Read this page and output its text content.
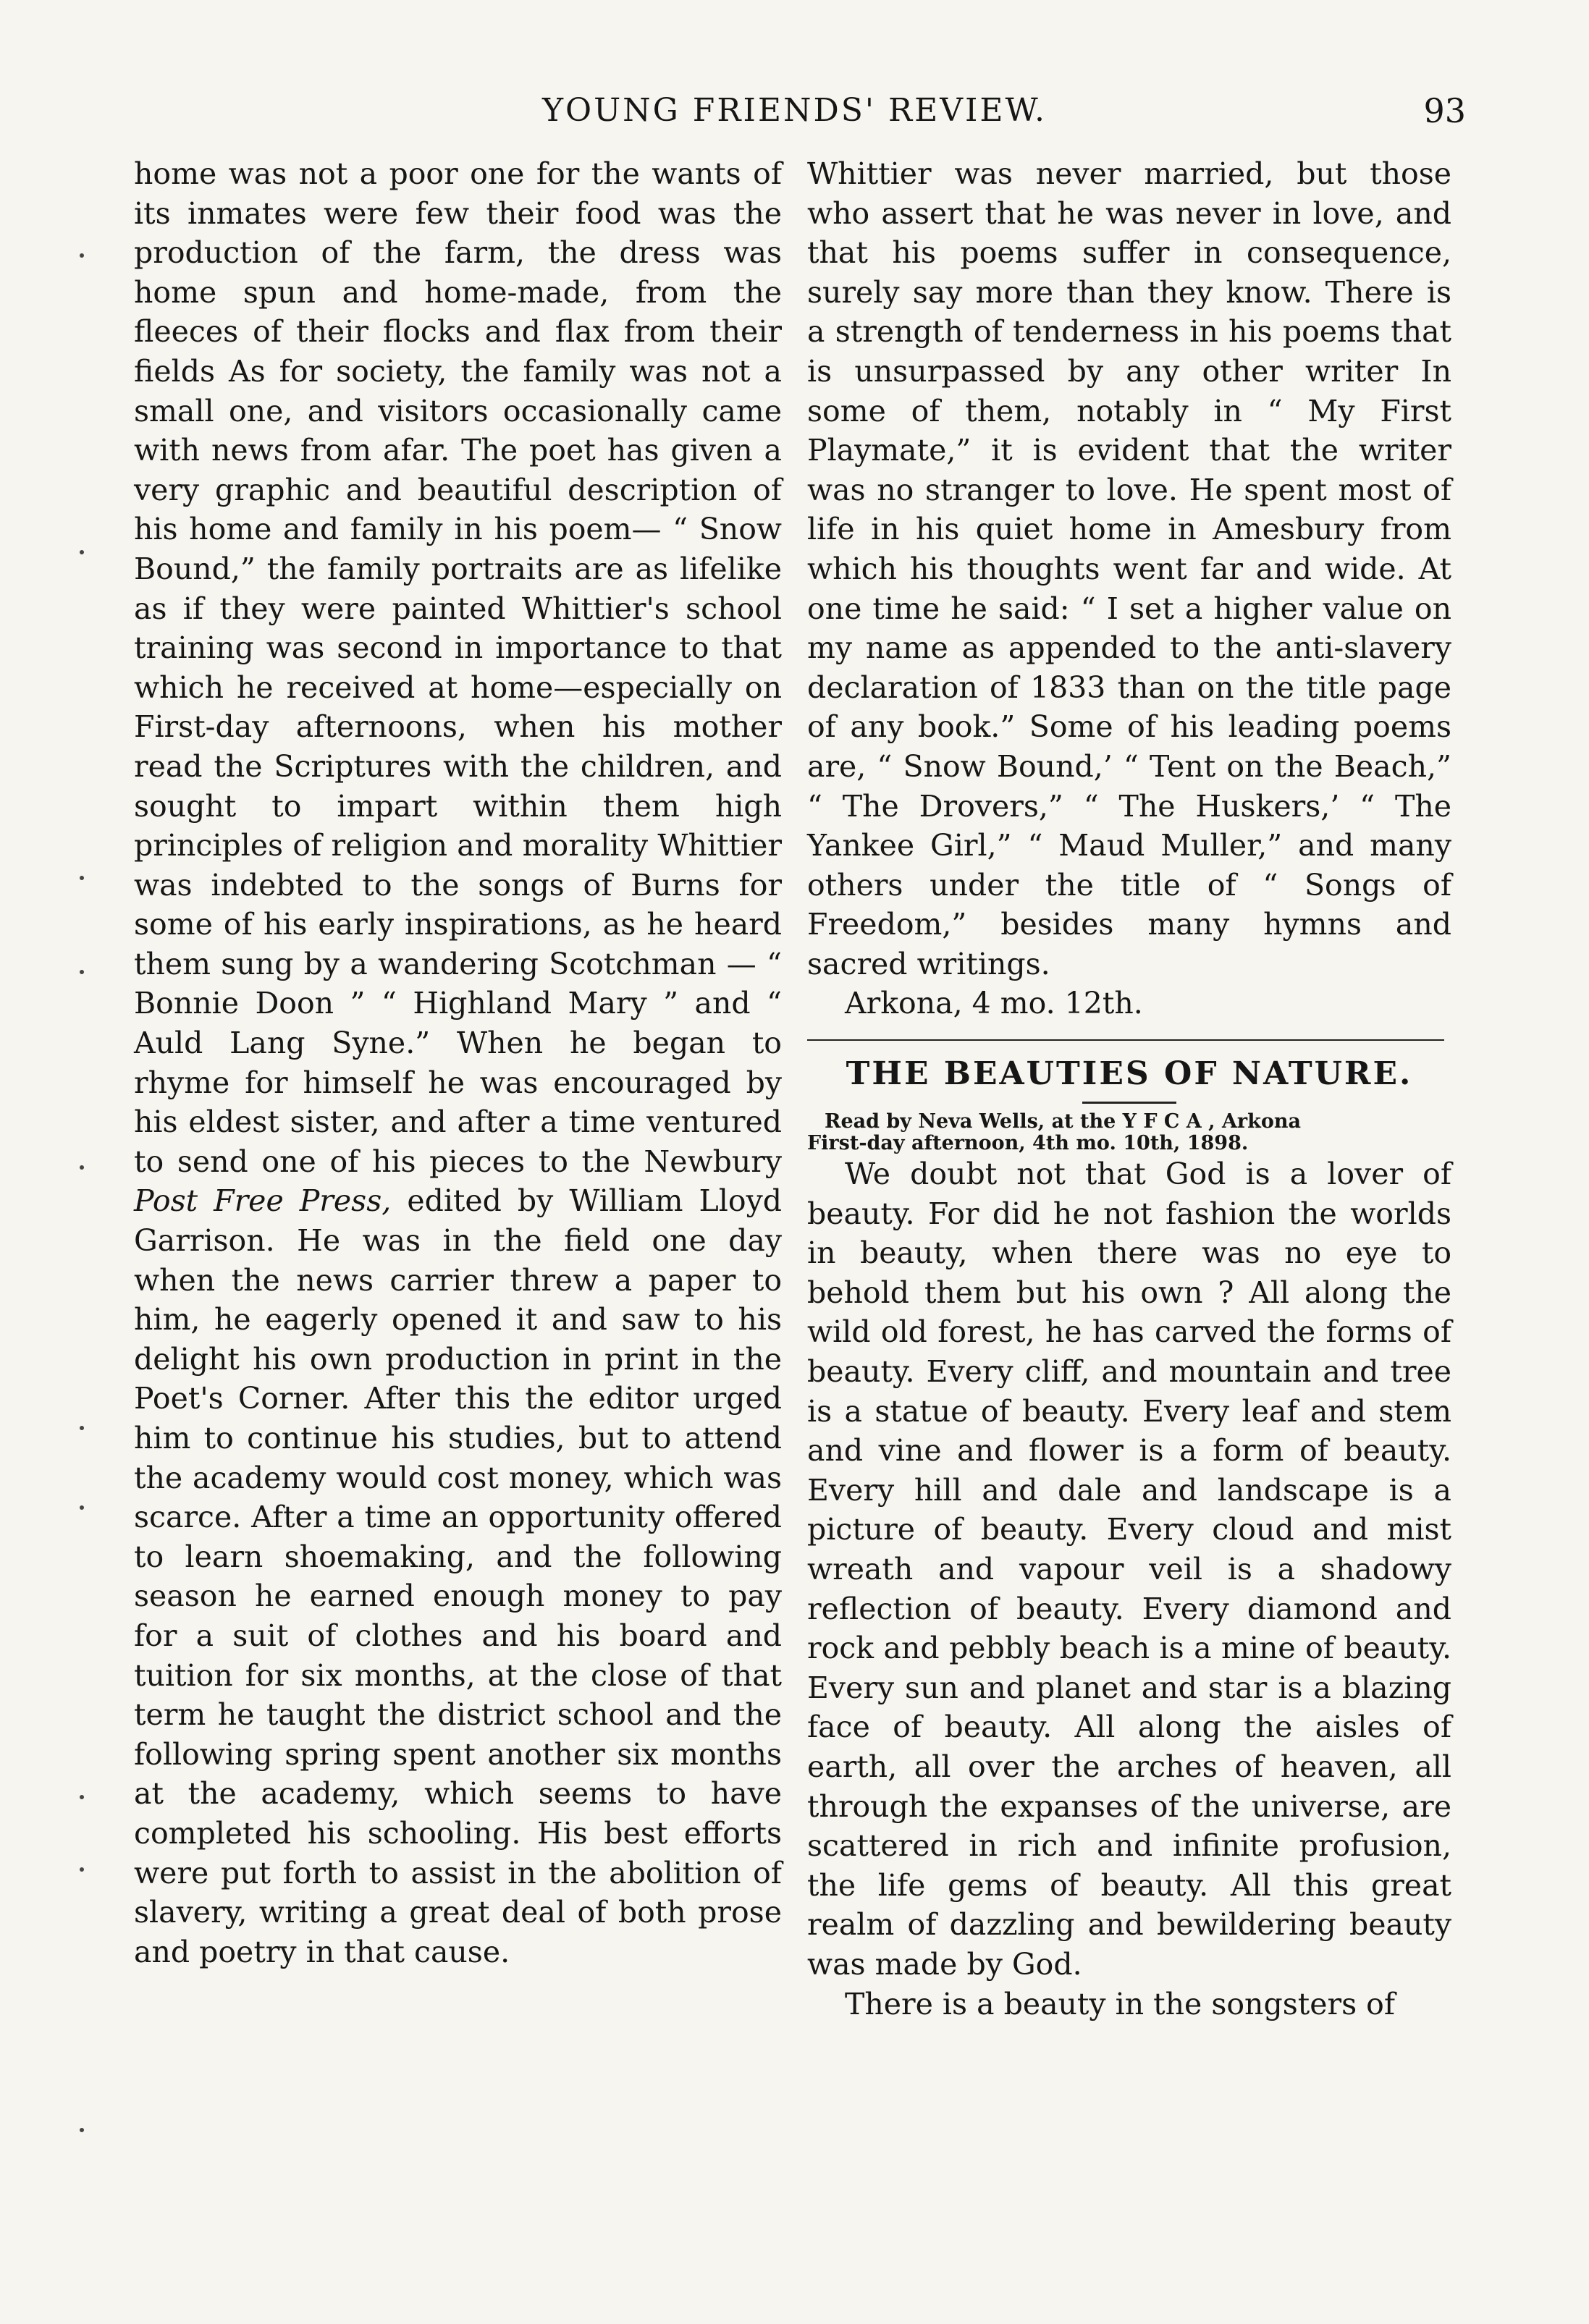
YOUNG FRIENDS' REVIEW.	93

home was not a poor one for the wants of its inmates were few their food was the production of the farm, the dress was home spun and home-made, from the fleeces of their flocks and flax from their fields As for society, the family was not a small one, and visitors occasionally came with news from afar. The poet has given a very graphic and beautiful description of his home and family in his poem— “ Snow Bound,” the family portraits are as lifelike as if they were painted Whittier's school training was second in importance to that which he received at home—especially on First-day afternoons, when his mother read the Scriptures with the children, and sought to impart within them high principles of religion and morality Whittier was indebted to the songs of Burns for some of his early inspirations, as he heard them sung by a wandering Scotchman — “ Bonnie Doon ” “ Highland Mary ” and “ Auld Lang Syne.” When he began to rhyme for himself he was encouraged by his eldest sister, and after a time ventured to send one of his pieces to the Newbury Post Free Press, edited by William Lloyd Garrison. He was in the field one day when the news carrier threw a paper to him, he eagerly opened it and saw to his delight his own production in print in the Poet's Corner. After this the editor urged him to continue his studies, but to attend the academy would cost money, which was scarce. After a time an opportunity offered to learn shoemaking, and the following season he earned enough money to pay for a suit of clothes and his board and tuition for six months, at the close of that term he taught the district school and the following spring spent another six months at the academy, which seems to have completed his schooling. His best efforts were put forth to assist in the abolition of slavery, writing a great deal of both prose and poetry in that cause.

Whittier was never married, but those who assert that he was never in love, and that his poems suffer in consequence, surely say more than they know. There is a strength of tenderness in his poems that is unsurpassed by any other writer In some of them, notably in “ My First Playmate,” it is evident that the writer was no stranger to love. He spent most of life in his quiet home in Amesbury from which his thoughts went far and wide. At one time he said: “ I set a higher value on my name as appended to the anti-slavery declaration of 1833 than on the title page of any book.” Some of his leading poems are, “ Snow Bound,’ “ Tent on the Beach,” “ The Drovers,” “ The Huskers,’ “ The Yankee Girl,” “ Maud Muller,” and many others under the title of “ Songs of Freedom,” besides many hymns and sacred writings.

Arkona, 4 mo. 12th.

THE BEAUTIES OF NATURE.

Read by Neva Wells, at the Y F C A , Arkona
First-day afternoon, 4th mo. 10th, 1898.

We doubt not that God is a lover of beauty. For did he not fashion the worlds in beauty, when there was no eye to behold them but his own ? All along the wild old forest, he has carved the forms of beauty. Every cliff, and mountain and tree is a statue of beauty. Every leaf and stem and vine and flower is a form of beauty. Every hill and dale and landscape is a picture of beauty. Every cloud and mist wreath and vapour veil is a shadowy reflection of beauty. Every diamond and rock and pebbly beach is a mine of beauty. Every sun and planet and star is a blazing face of beauty. All along the aisles of earth, all over the arches of heaven, all through the expanses of the universe, are scattered in rich and infinite profusion, the life gems of beauty. All this great realm of dazzling and bewildering beauty was made by God.

There is a beauty in the songsters of
